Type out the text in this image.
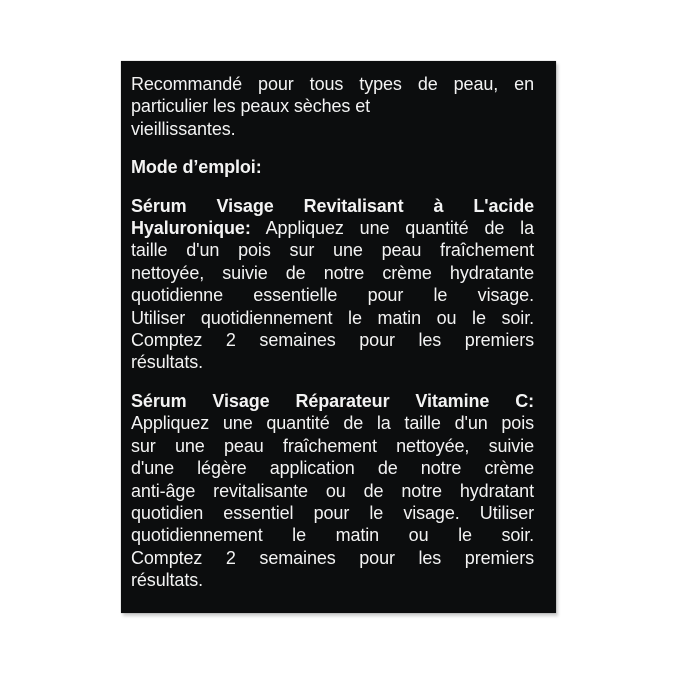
Recommandé pour tous types de peau, en
particulier les peaux sèches et
vieillissantes.
Mode d’emploi:
Sérum Visage Revitalisant à L'acide
Hyaluronique: Appliquez une quantité de la
taille d'un pois sur une peau fraîchement
nettoyée, suivie de notre crème hydratante
quotidienne essentielle pour le visage.
Utiliser quotidiennement le matin ou le soir.
Comptez 2 semaines pour les premiers
résultats.
Sérum Visage Réparateur Vitamine C:
Appliquez une quantité de la taille d'un pois
sur une peau fraîchement nettoyée, suivie
d'une légère application de notre crème
anti-âge revitalisante ou de notre hydratant
quotidien essentiel pour le visage. Utiliser
quotidiennement le matin ou le soir.
Comptez 2 semaines pour les premiers
résultats.
